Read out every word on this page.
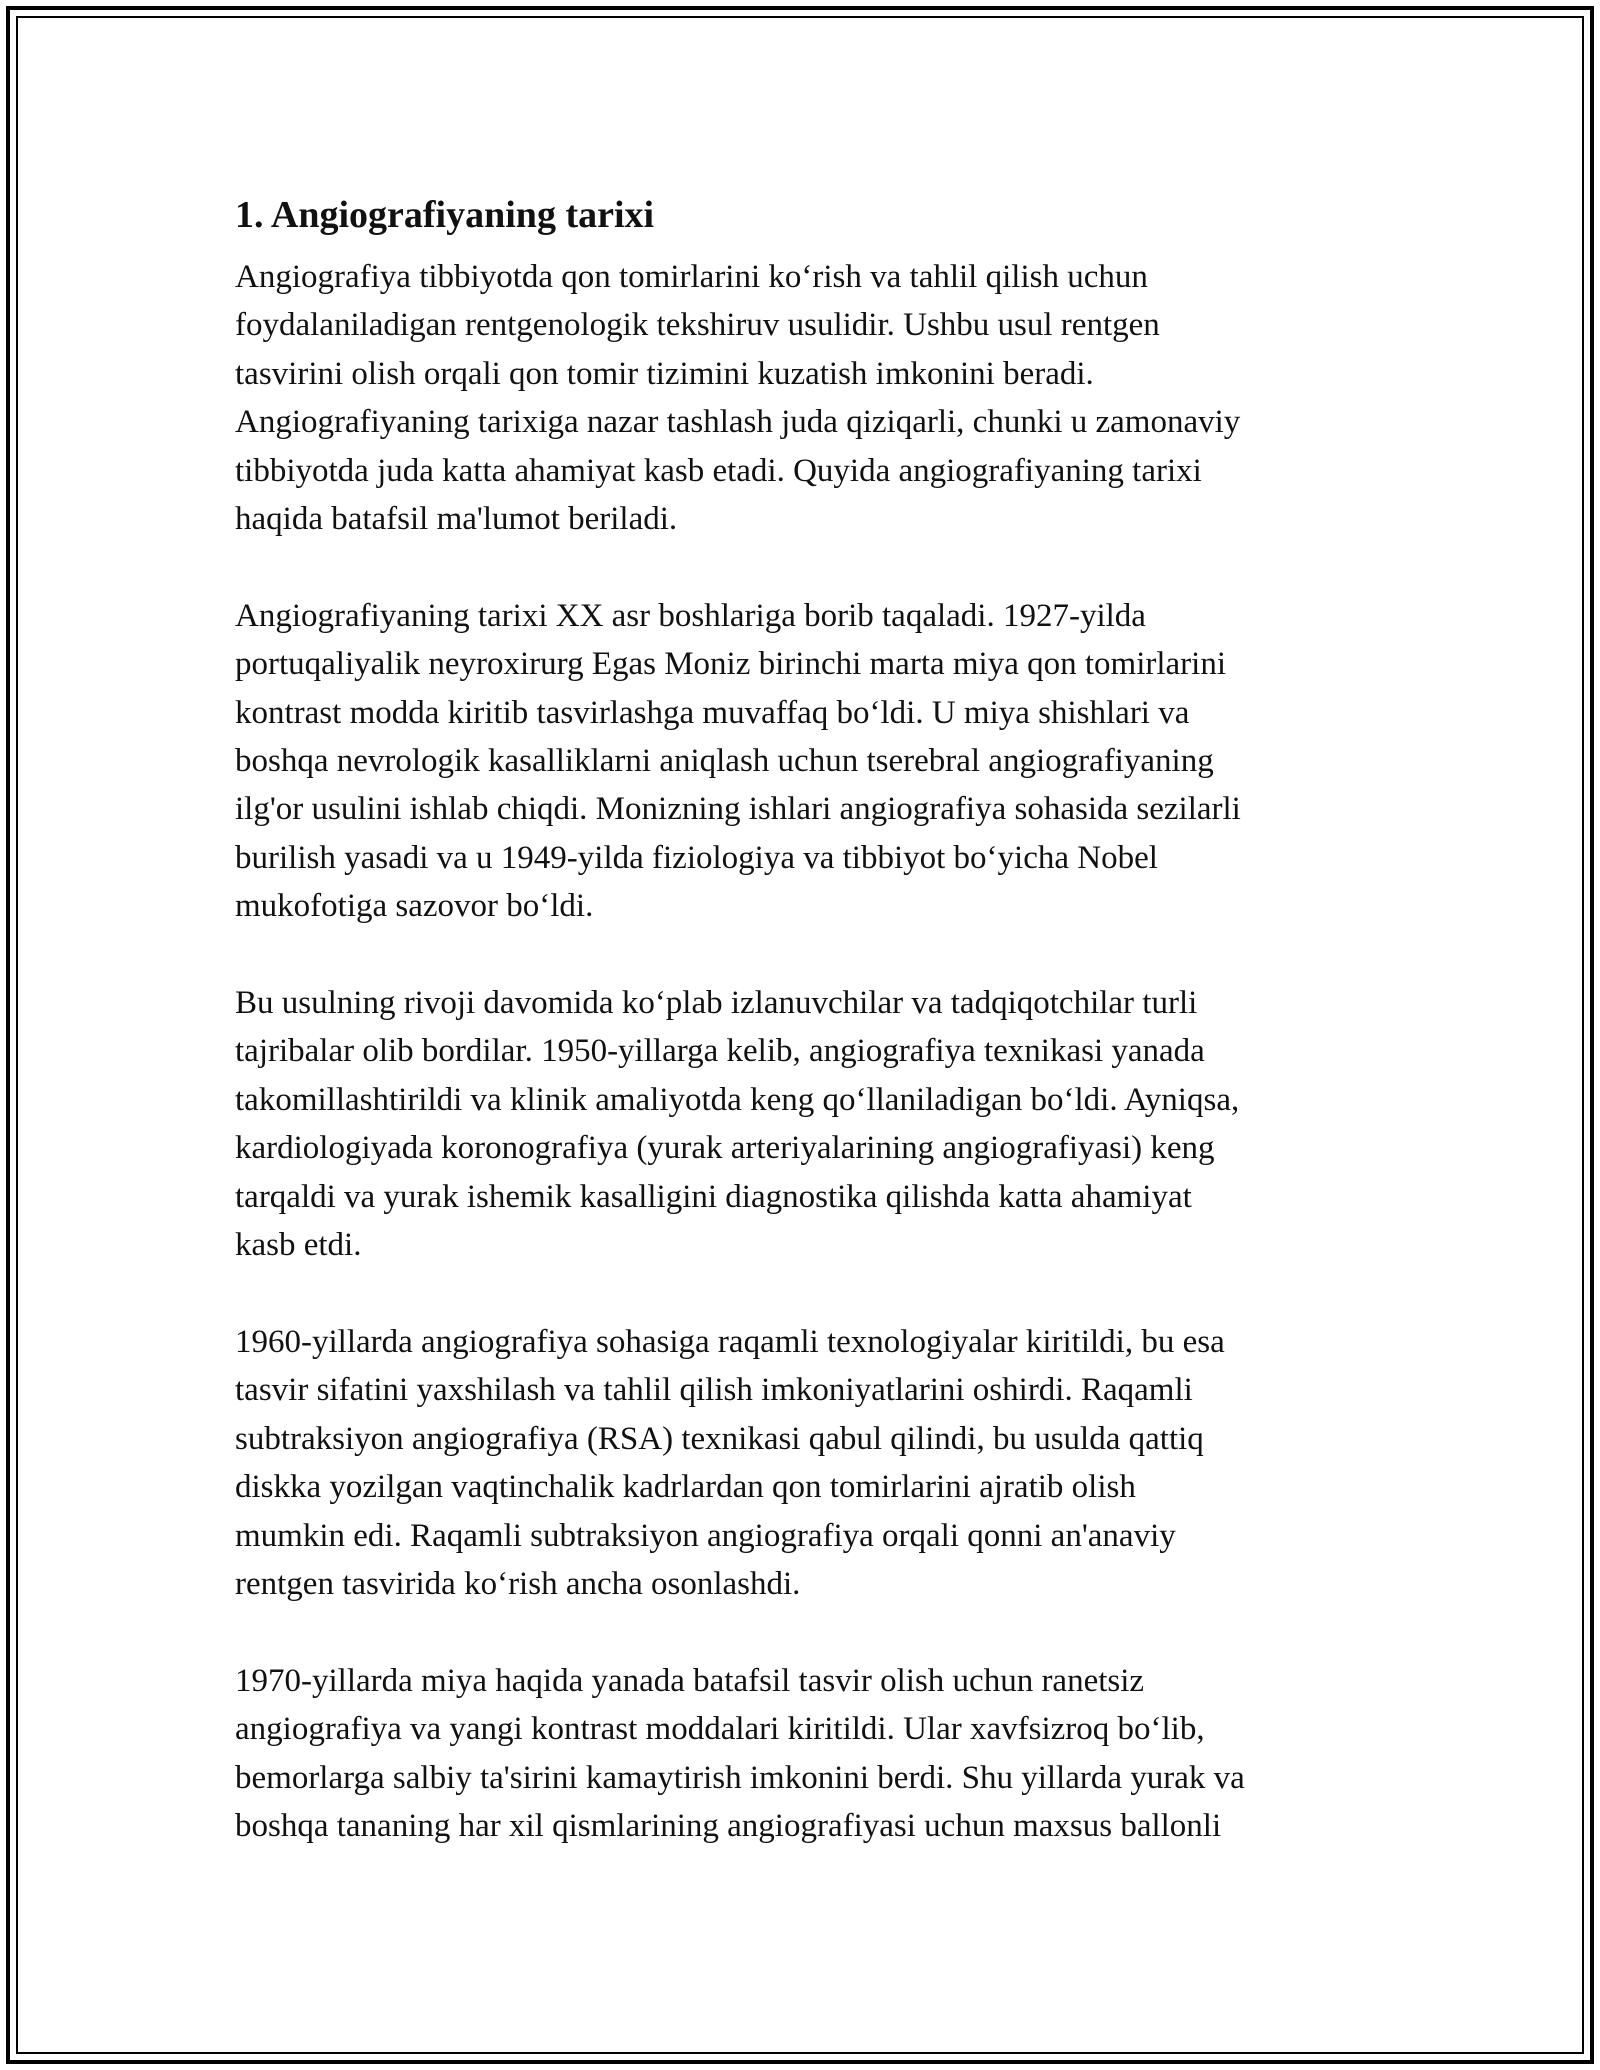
1. Angiografiyaning tarixi
Angiografiya tibbiyotda qon tomirlarini ko‘rish va tahlil qilish uchun
foydalaniladigan rentgenologik tekshiruv usulidir. Ushbu usul rentgen
tasvirini olish orqali qon tomir tizimini kuzatish imkonini beradi.
Angiografiyaning tarixiga nazar tashlash juda qiziqarli, chunki u zamonaviy
tibbiyotda juda katta ahamiyat kasb etadi. Quyida angiografiyaning tarixi
haqida batafsil ma'lumot beriladi.
Angiografiyaning tarixi XX asr boshlariga borib taqaladi. 1927-yilda
portuqaliyalik neyroxirurg Egas Moniz birinchi marta miya qon tomirlarini
kontrast modda kiritib tasvirlashga muvaffaq bo‘ldi. U miya shishlari va
boshqa nevrologik kasalliklarni aniqlash uchun tserebral angiografiyaning
ilg'or usulini ishlab chiqdi. Monizning ishlari angiografiya sohasida sezilarli
burilish yasadi va u 1949-yilda fiziologiya va tibbiyot bo‘yicha Nobel
mukofotiga sazovor bo‘ldi.
Bu usulning rivoji davomida ko‘plab izlanuvchilar va tadqiqotchilar turli
tajribalar olib bordilar. 1950-yillarga kelib, angiografiya texnikasi yanada
takomillashtirildi va klinik amaliyotda keng qo‘llaniladigan bo‘ldi. Ayniqsa,
kardiologiyada koronografiya (yurak arteriyalarining angiografiyasi) keng
tarqaldi va yurak ishemik kasalligini diagnostika qilishda katta ahamiyat
kasb etdi.
1960-yillarda angiografiya sohasiga raqamli texnologiyalar kiritildi, bu esa
tasvir sifatini yaxshilash va tahlil qilish imkoniyatlarini oshirdi. Raqamli
subtraksiyon angiografiya (RSA) texnikasi qabul qilindi, bu usulda qattiq
diskka yozilgan vaqtinchalik kadrlardan qon tomirlarini ajratib olish
mumkin edi. Raqamli subtraksiyon angiografiya orqali qonni an'anaviy
rentgen tasvirida ko‘rish ancha osonlashdi.
1970-yillarda miya haqida yanada batafsil tasvir olish uchun ranetsiz
angiografiya va yangi kontrast moddalari kiritildi. Ular xavfsizroq bo‘lib,
bemorlarga salbiy ta'sirini kamaytirish imkonini berdi. Shu yillarda yurak va
boshqa tananing har xil qismlarining angiografiyasi uchun maxsus ballonli
